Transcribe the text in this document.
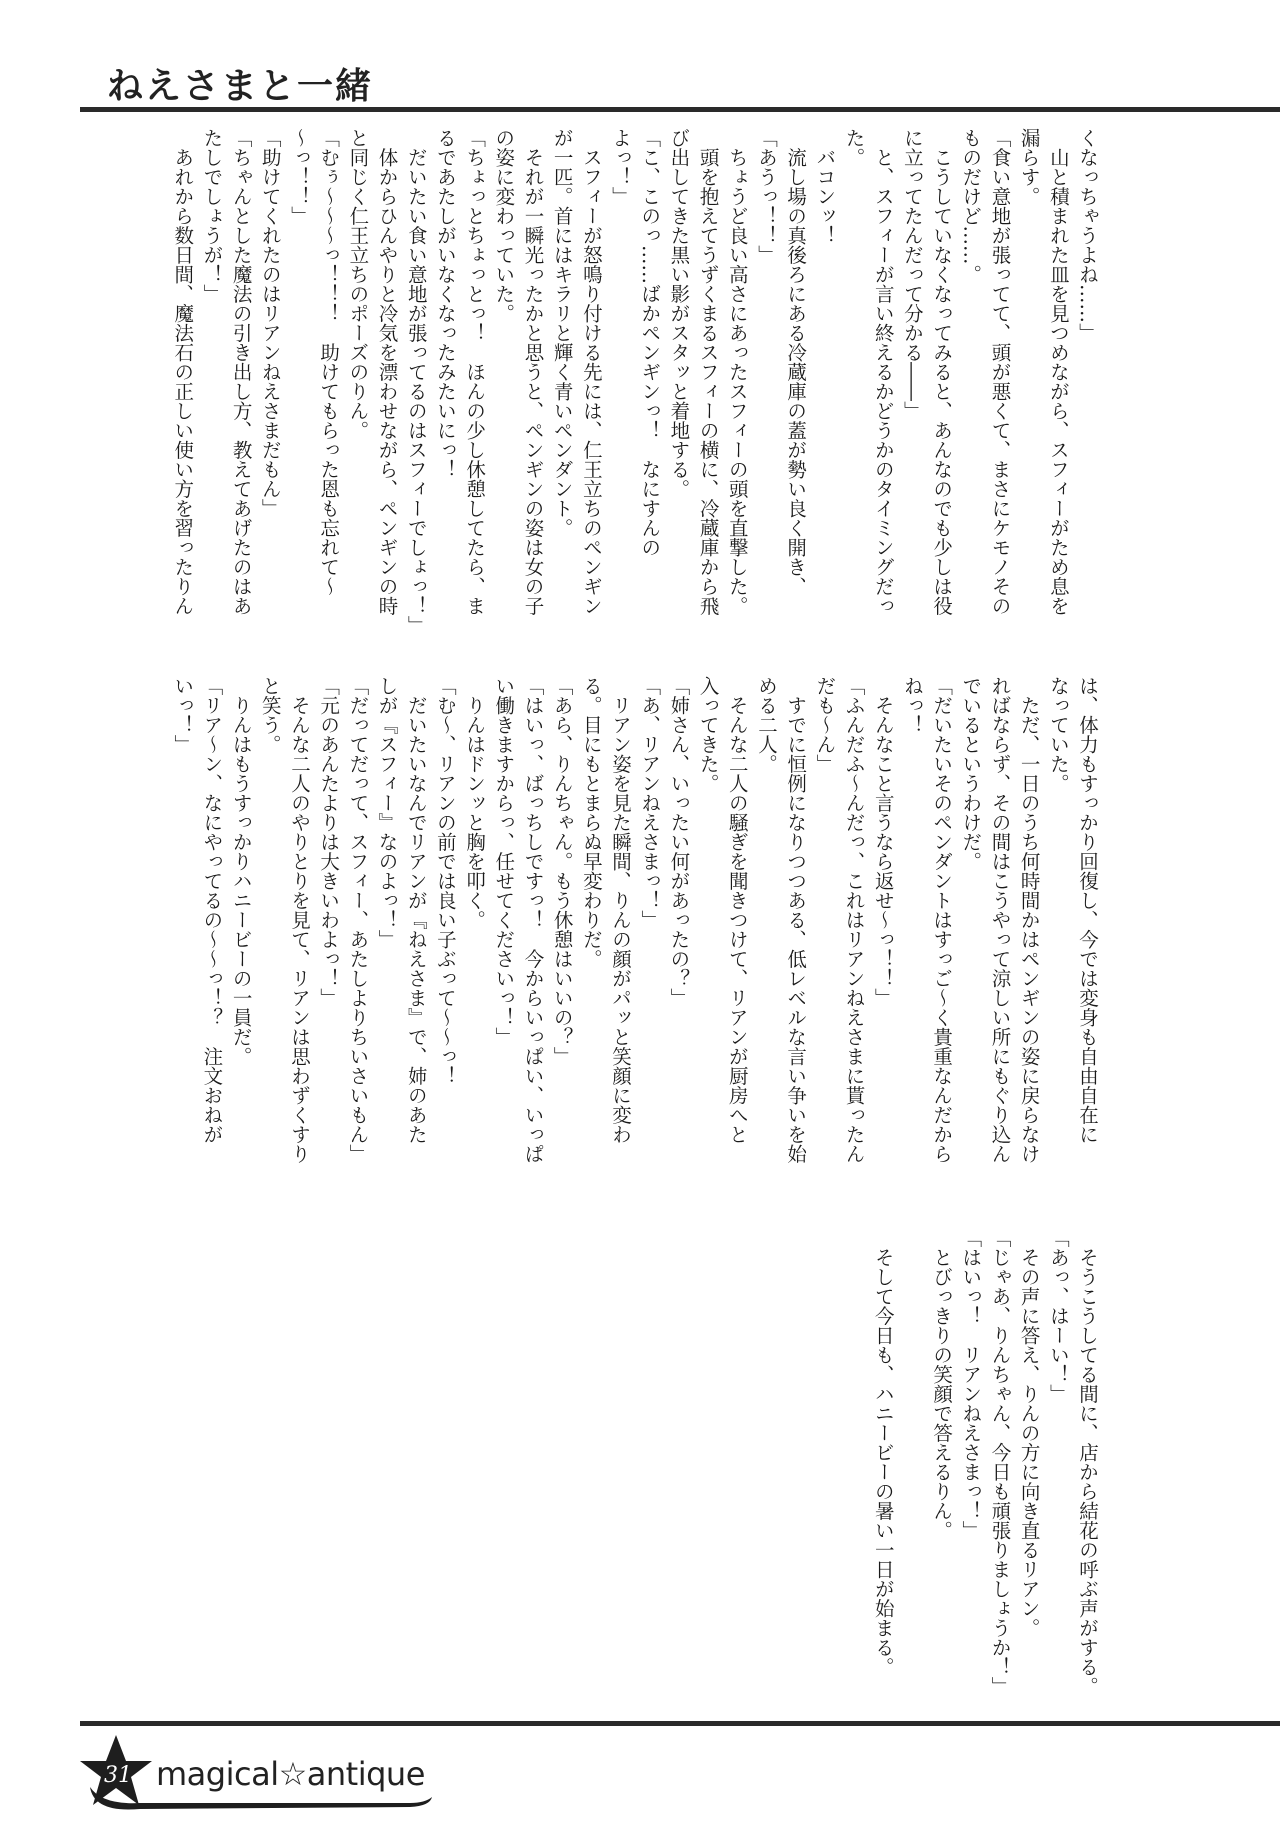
ねえさまと一緒
くなっちゃうよね……」
　山と積まれた皿を見つめながら、スフィーがため息を
漏らす。
「食い意地が張ってて、頭が悪くて、まさにケモノその
ものだけど……。
　こうしていなくなってみると、あんなのでも少しは役
に立ってたんだって分かる――」
　と、スフィーが言い終えるかどうかのタイミングだっ
た。
　バコンッ！
　流し場の真後ろにある冷蔵庫の蓋が勢い良く開き、
「あうっ！！」
　ちょうど良い高さにあったスフィーの頭を直撃した。
　頭を抱えてうずくまるスフィーの横に、冷蔵庫から飛
び出してきた黒い影がスタッと着地する。
「こ、このっ……ばかペンギンっ！　なにすんの
よっ！」
　スフィーが怒鳴り付ける先には、仁王立ちのペンギン
が一匹。首にはキラリと輝く青いペンダント。
　それが一瞬光ったかと思うと、ペンギンの姿は女の子
の姿に変わっていた。
「ちょっとちょっとっ！　ほんの少し休憩してたら、ま
るであたしがいなくなったみたいにっ！
　だいたい食い意地が張ってるのはスフィーでしょっ！」
　体からひんやりと冷気を漂わせながら、ペンギンの時
と同じく仁王立ちのポーズのりん。
「むぅ～～～っ！！！　助けてもらった恩も忘れて～
～っ！！」
「助けてくれたのはリアンねえさまだもん」
「ちゃんとした魔法の引き出し方、教えてあげたのはあ
たしでしょうが！」
　あれから数日間、魔法石の正しい使い方を習ったりん
は、体力もすっかり回復し、今では変身も自由自在に
なっていた。
　ただ、一日のうち何時間かはペンギンの姿に戻らなけ
ればならず、その間はこうやって涼しい所にもぐり込ん
でいるというわけだ。
「だいたいそのペンダントはすっご～く貴重なんだから
ねっ！
　そんなこと言うなら返せ～っ！！」
「ふんだふ～んだっ、これはリアンねえさまに貰ったん
だも～ん」
　すでに恒例になりつつある、低レベルな言い争いを始
める二人。
　そんな二人の騒ぎを聞きつけて、リアンが厨房へと
入ってきた。
「姉さん、いったい何があったの？」
「あ、リアンねえさまっ！」
　リアン姿を見た瞬間、りんの顔がパッと笑顔に変わ
る。目にもとまらぬ早変わりだ。
「あら、りんちゃん。もう休憩はいいの？」
「はいっ、ばっちしですっ！　今からいっぱい、いっぱ
い働きますからっ、任せてくださいっ！」
　りんはドンッと胸を叩く。
「む～、リアンの前では良い子ぶって～～っ！
　だいたいなんでリアンが『ねえさま』で、姉のあた
しが『スフィー』なのよっ！」
「だってだって、スフィー、あたしよりちいさいもん」
「元のあんたよりは大きいわよっ！」
　そんな二人のやりとりを見て、リアンは思わずくすり
と笑う。
　りんはもうすっかりハニービーの一員だ。
「リア～ン、なにやってるの～～っ！？　注文おねが
いっ！」
　そうこうしてる間に、店から結花の呼ぶ声がする。
「あっ、はーい！」
　その声に答え、りんの方に向き直るリアン。
「じゃあ、りんちゃん、今日も頑張りましょうか！」
「はいっ！　リアンねえさまっ！」
　とびっきりの笑顔で答えるりん。
　そして今日も、ハニービーの暑い一日が始まる。
31 magical☆antique
